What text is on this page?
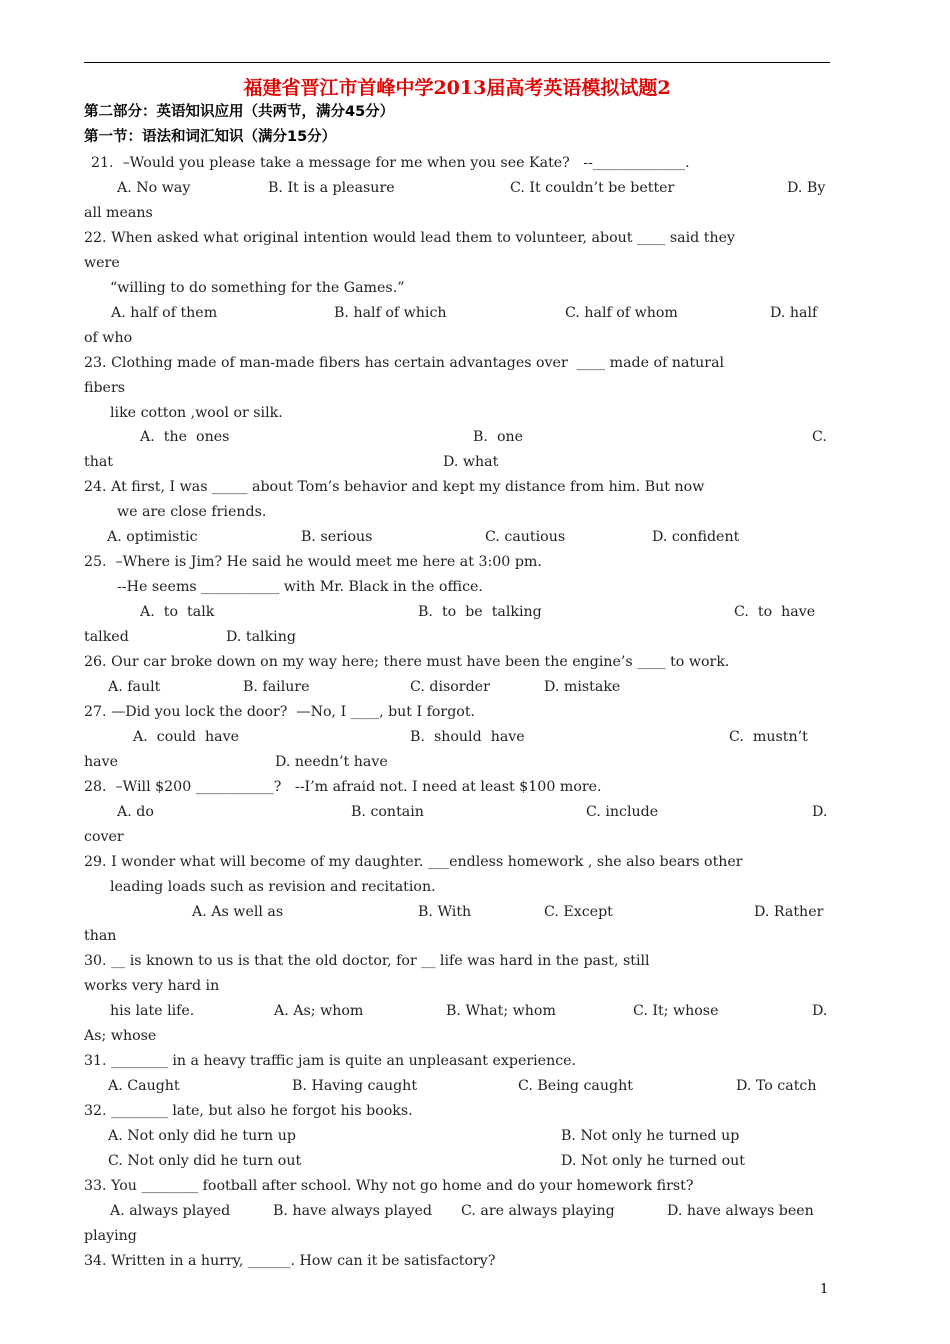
福建省晋江市首峰中学2013届高考英语模拟试题2
第二部分：英语知识应用（共两节，满分45分）
第一节：语法和词汇知识（满分15分）
21.  –Would you please take a message for me when you see Kate?   --_____________.
A. No way	B. It is a pleasure	C. It couldn’t be better	D. By
all means
22. When asked what original intention would lead them to volunteer, about ____ said they
were
“willing to do something for the Games.”
A. half of them	B. half of which	C. half of whom	D. half
of who
23. Clothing made of man-made fibers has certain advantages over  ____ made of natural
fibers
like cotton ,wool or silk.
A.  the  ones	B.  one	C.
that	D. what
24. At first, I was _____ about Tom’s behavior and kept my distance from him. But now
we are close friends.
A. optimistic	B. serious	C. cautious	D. confident
25.  –Where is Jim? He said he would meet me here at 3:00 pm.
--He seems ___________ with Mr. Black in the office.
A.  to  talk	B.  to  be  talking	C.  to  have
talked	D. talking
26. Our car broke down on my way here; there must have been the engine’s ____ to work.
A. fault	B. failure	C. disorder	D. mistake
27. —Did you lock the door?  —No, I ____, but I forgot.
A.  could  have	B.  should  have	C.  mustn’t
have	D. needn’t have
28.  –Will $200 ___________?   --I’m afraid not. I need at least $100 more.
A. do	B. contain	C. include	D.
cover
29. I wonder what will become of my daughter. ___endless homework , she also bears other
leading loads such as revision and recitation.
A. As well as	B. With	C. Except	D. Rather
than
30. __ is known to us is that the old doctor, for __ life was hard in the past, still
works very hard in
his late life.	A. As; whom	B. What; whom	C. It; whose	D.
As; whose
31. ________ in a heavy traffic jam is quite an unpleasant experience.
A. Caught	B. Having caught	C. Being caught	D. To catch
32. ________ late, but also he forgot his books.
A. Not only did he turn up	B. Not only he turned up
C. Not only did he turn out	D. Not only he turned out
33. You ________ football after school. Why not go home and do your homework first?
A. always played	B. have always played C. are always playing	D. have always been
playing
34. Written in a hurry, ______. How can it be satisfactory?
1
